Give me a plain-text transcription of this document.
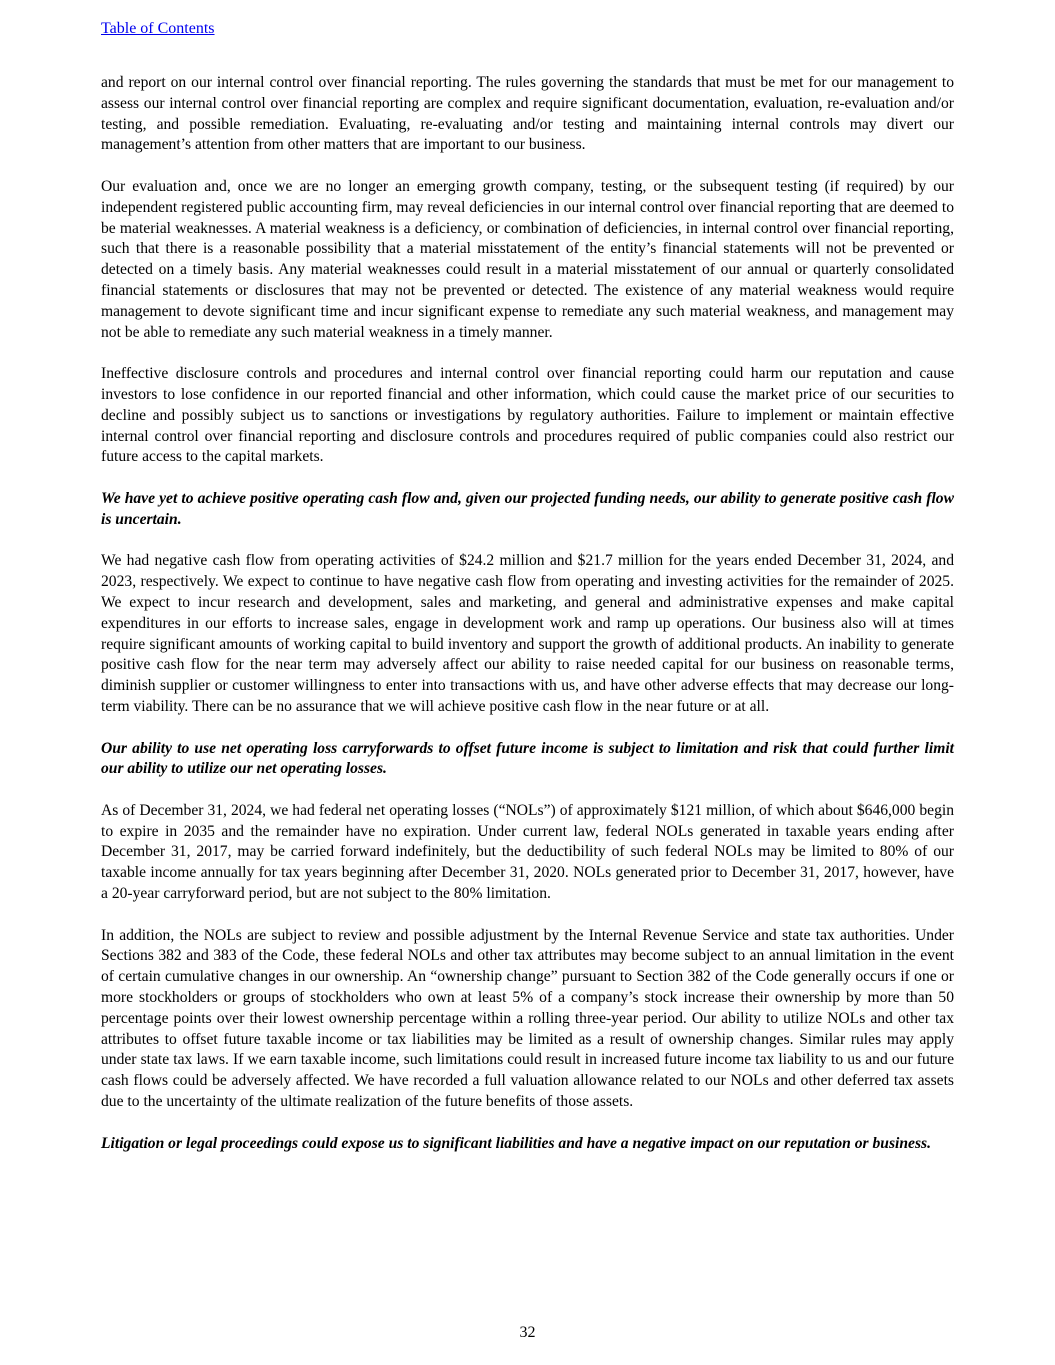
Table of Contents

and report on our internal control over financial reporting. The rules governing the standards that must be met for our management to assess our internal control over financial reporting are complex and require significant documentation, evaluation, re-evaluation and/or testing, and possible remediation. Evaluating, re-evaluating and/or testing and maintaining internal controls may divert our management’s attention from other matters that are important to our business.

Our evaluation and, once we are no longer an emerging growth company, testing, or the subsequent testing (if required) by our independent registered public accounting firm, may reveal deficiencies in our internal control over financial reporting that are deemed to be material weaknesses. A material weakness is a deficiency, or combination of deficiencies, in internal control over financial reporting, such that there is a reasonable possibility that a material misstatement of the entity’s financial statements will not be prevented or detected on a timely basis. Any material weaknesses could result in a material misstatement of our annual or quarterly consolidated financial statements or disclosures that may not be prevented or detected. The existence of any material weakness would require management to devote significant time and incur significant expense to remediate any such material weakness, and management may not be able to remediate any such material weakness in a timely manner.

Ineffective disclosure controls and procedures and internal control over financial reporting could harm our reputation and cause investors to lose confidence in our reported financial and other information, which could cause the market price of our securities to decline and possibly subject us to sanctions or investigations by regulatory authorities. Failure to implement or maintain effective internal control over financial reporting and disclosure controls and procedures required of public companies could also restrict our future access to the capital markets.

We have yet to achieve positive operating cash flow and, given our projected funding needs, our ability to generate positive cash flow is uncertain.

We had negative cash flow from operating activities of $24.2 million and $21.7 million for the years ended December 31, 2024, and 2023, respectively. We expect to continue to have negative cash flow from operating and investing activities for the remainder of 2025. We expect to incur research and development, sales and marketing, and general and administrative expenses and make capital expenditures in our efforts to increase sales, engage in development work and ramp up operations. Our business also will at times require significant amounts of working capital to build inventory and support the growth of additional products. An inability to generate positive cash flow for the near term may adversely affect our ability to raise needed capital for our business on reasonable terms, diminish supplier or customer willingness to enter into transactions with us, and have other adverse effects that may decrease our long-term viability. There can be no assurance that we will achieve positive cash flow in the near future or at all.

Our ability to use net operating loss carryforwards to offset future income is subject to limitation and risk that could further limit our ability to utilize our net operating losses.

As of December 31, 2024, we had federal net operating losses (“NOLs”) of approximately $121 million, of which about $646,000 begin to expire in 2035 and the remainder have no expiration. Under current law, federal NOLs generated in taxable years ending after December 31, 2017, may be carried forward indefinitely, but the deductibility of such federal NOLs may be limited to 80% of our taxable income annually for tax years beginning after December 31, 2020. NOLs generated prior to December 31, 2017, however, have a 20-year carryforward period, but are not subject to the 80% limitation.

In addition, the NOLs are subject to review and possible adjustment by the Internal Revenue Service and state tax authorities. Under Sections 382 and 383 of the Code, these federal NOLs and other tax attributes may become subject to an annual limitation in the event of certain cumulative changes in our ownership. An “ownership change” pursuant to Section 382 of the Code generally occurs if one or more stockholders or groups of stockholders who own at least 5% of a company’s stock increase their ownership by more than 50 percentage points over their lowest ownership percentage within a rolling three-year period. Our ability to utilize NOLs and other tax attributes to offset future taxable income or tax liabilities may be limited as a result of ownership changes. Similar rules may apply under state tax laws. If we earn taxable income, such limitations could result in increased future income tax liability to us and our future cash flows could be adversely affected. We have recorded a full valuation allowance related to our NOLs and other deferred tax assets due to the uncertainty of the ultimate realization of the future benefits of those assets.

Litigation or legal proceedings could expose us to significant liabilities and have a negative impact on our reputation or business.

32
